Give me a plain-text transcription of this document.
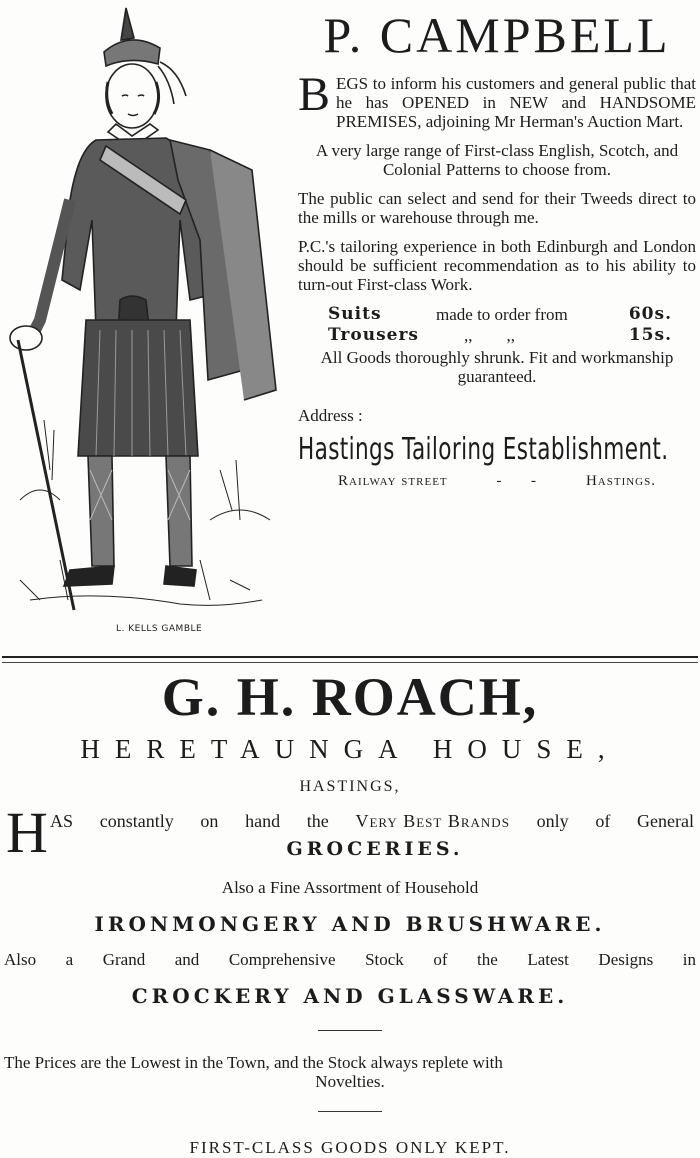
L. KELLS GAMBLE
P. CAMPBELL

BEGS to inform his customers and general public that he has OPENED in NEW and HANDSOME PREMISES, adjoining Mr Herman's Auction Mart.

A very large range of First-class English, Scotch, and Colonial Patterns to choose from.

The public can select and send for their Tweeds direct to the mills or warehouse through me.

P.C.'s tailoring experience in both Edinburgh and London should be sufficient recommendation as to his ability to turn-out First-class Work.

Suits	made to order from	60s.
Trousers	,,        ,,	15s.

All Goods thoroughly shrunk. Fit and workmanship guaranteed.

Address :
Hastings Tailoring Establishment.
Railway street	-      -	Hastings.
G. H. ROACH,
HERETAUNGA HOUSE,
HASTINGS,
H AS constantly on hand the Very Best Brands only of General
GROCERIES.
Also a Fine Assortment of Household
IRONMONGERY AND BRUSHWARE.
Also a Grand and Comprehensive Stock of the Latest Designs in
CROCKERY AND GLASSWARE.

The Prices are the Lowest in the Town, and the Stock always replete with
Novelties.

FIRST-CLASS GOODS ONLY KEPT.
